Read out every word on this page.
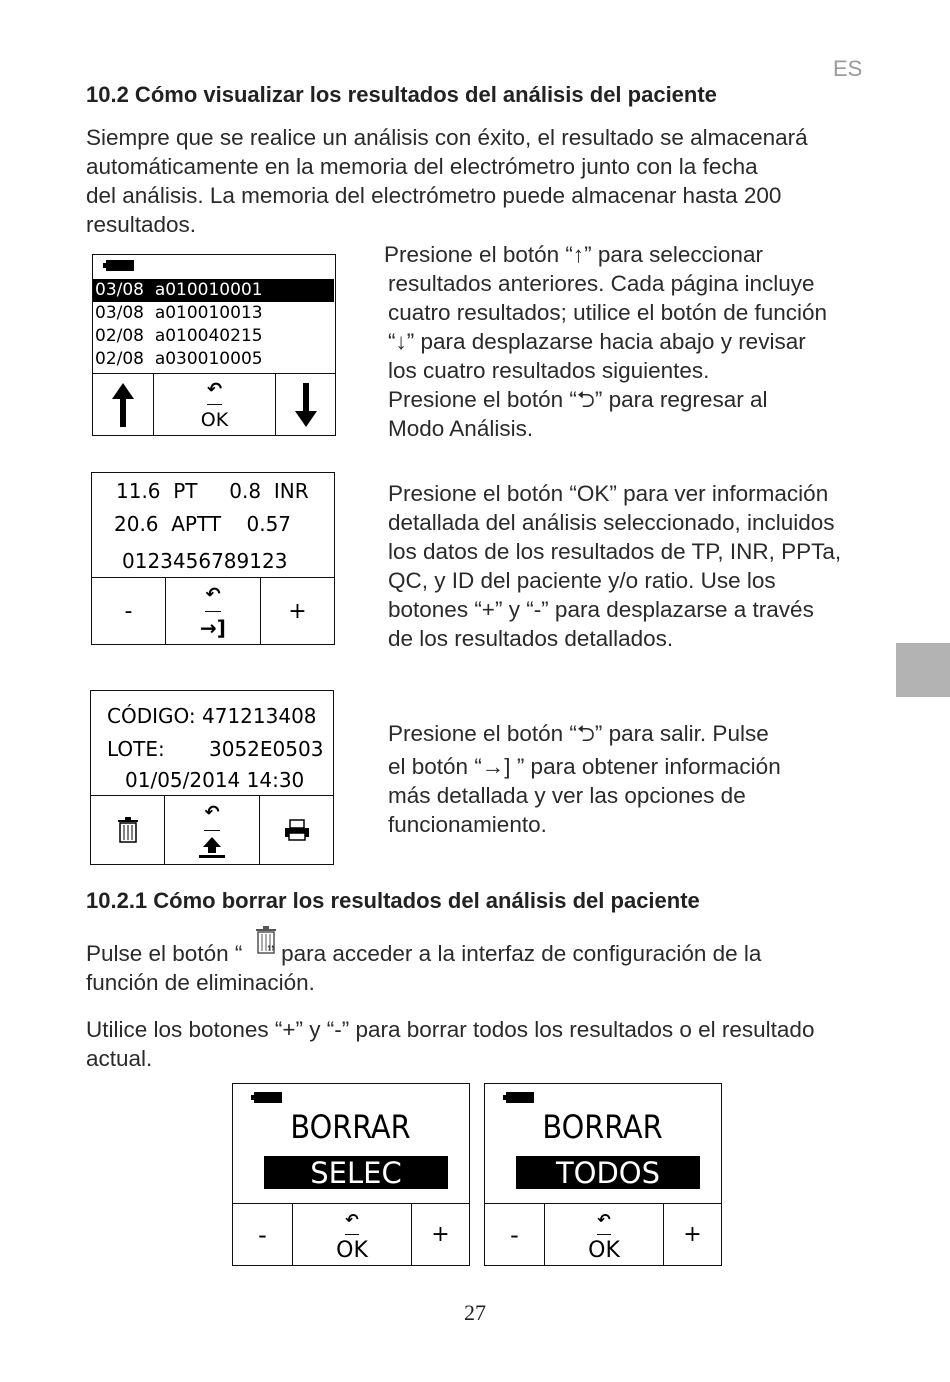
ES
10.2 Cómo visualizar los resultados del análisis del paciente
Siempre que se realice un análisis con éxito, el resultado se almacenará
automáticamente en la memoria del electrómetro junto con la fecha
del análisis. La memoria del electrómetro puede almacenar hasta 200
resultados.
03/08 a010010001
03/08 a010010013
02/08 a010040215
02/08 a030010005
↶
OK
Presione el botón “↑” para seleccionar
resultados anteriores. Cada página incluye
cuatro resultados; utilice el botón de función
“↓” para desplazarse hacia abajo y revisar
los cuatro resultados siguientes.
Presione el botón “⮌” para regresar al
Modo Análisis.
11.6  PT     0.8  INR
20.6  APTT    0.57
0123456789123
-
↶
→]
+
Presione el botón “OK” para ver información
detallada del análisis seleccionado, incluidos
los datos de los resultados de TP, INR, PPTa,
QC, y ID del paciente y/o ratio. Use los
botones “+” y “-” para desplazarse a través
de los resultados detallados.
CÓDIGO: 471213408
LOTE: 3052E0503
01/05/2014 14:30
↶
Presione el botón “⮌” para salir. Pulse
el botón “→] ” para obtener información
más detallada y ver las opciones de
funcionamiento.
10.2.1 Cómo borrar los resultados del análisis del paciente
Pulse el botón “    ” para acceder a la interfaz de configuración de la
función de eliminación.
Utilice los botones “+” y “-” para borrar todos los resultados o el resultado
actual.
BORRAR
SELEC
-
↶
OK
+
BORRAR
TODOS
-
↶
OK
+
27
